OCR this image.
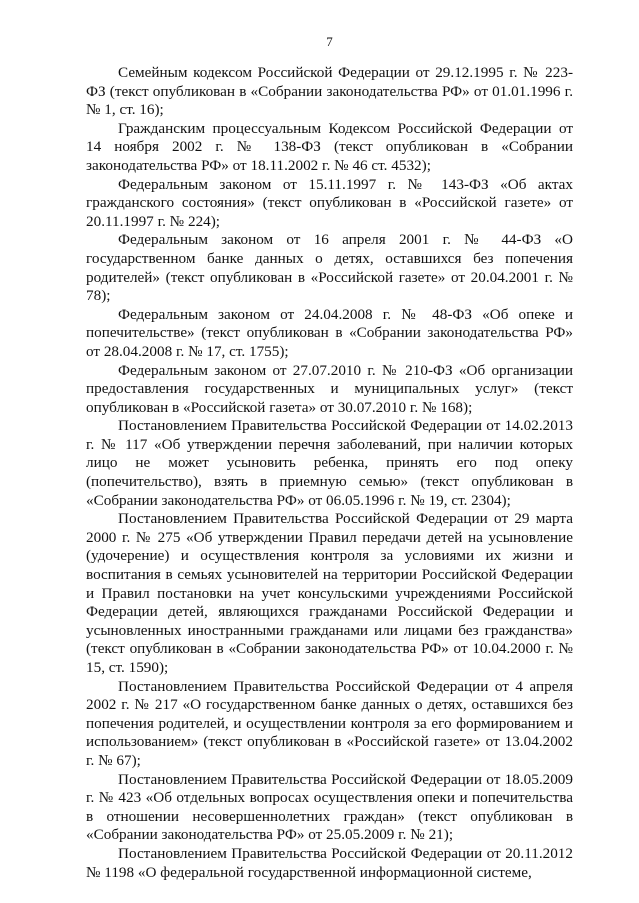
7

Семейным кодексом Российской Федерации от 29.12.1995 г. № 223-ФЗ (текст опубликован в «Собрании законодательства РФ» от 01.01.1996 г. № 1, ст. 16);

Гражданским процессуальным Кодексом Российской Федерации от 14 ноября 2002 г. № 138-ФЗ (текст опубликован в «Собрании законодательства РФ» от 18.11.2002 г. № 46 ст. 4532);

Федеральным законом от 15.11.1997 г. № 143-ФЗ «Об актах гражданского состояния» (текст опубликован в «Российской газете» от 20.11.1997 г. № 224);

Федеральным законом от 16 апреля 2001 г. № 44-ФЗ «О государственном банке данных о детях, оставшихся без попечения родителей» (текст опубликован в «Российской газете» от 20.04.2001 г. № 78);

Федеральным законом от 24.04.2008 г. № 48-ФЗ «Об опеке и попечительстве» (текст опубликован в «Собрании законодательства РФ» от 28.04.2008 г. № 17, ст. 1755);

Федеральным законом от 27.07.2010 г. № 210-ФЗ «Об организации предоставления государственных и муниципальных услуг» (текст опубликован в «Российской газета» от 30.07.2010 г. № 168);

Постановлением Правительства Российской Федерации от 14.02.2013 г. № 117 «Об утверждении перечня заболеваний, при наличии которых лицо не может усыновить ребенка, принять его под опеку (попечительство), взять в приемную семью» (текст опубликован в «Собрании законодательства РФ» от 06.05.1996 г. № 19, ст. 2304);

Постановлением Правительства Российской Федерации от 29 марта 2000 г. № 275 «Об утверждении Правил передачи детей на усыновление (удочерение) и осуществления контроля за условиями их жизни и воспитания в семьях усыновителей на территории Российской Федерации и Правил постановки на учет консульскими учреждениями Российской Федерации детей, являющихся гражданами Российской Федерации и усыновленных иностранными гражданами или лицами без гражданства» (текст опубликован в «Собрании законодательства РФ» от 10.04.2000 г. № 15, ст. 1590);

Постановлением Правительства Российской Федерации от 4 апреля 2002 г. № 217 «О государственном банке данных о детях, оставшихся без попечения родителей, и осуществлении контроля за его формированием и использованием» (текст опубликован в «Российской газете» от 13.04.2002 г. № 67);

Постановлением Правительства Российской Федерации от 18.05.2009 г. № 423 «Об отдельных вопросах осуществления опеки и попечительства в отношении несовершеннолетних граждан» (текст опубликован в «Собрании законодательства РФ» от 25.05.2009 г. № 21);

Постановлением Правительства Российской Федерации от 20.11.2012 № 1198 «О федеральной государственной информационной системе,
